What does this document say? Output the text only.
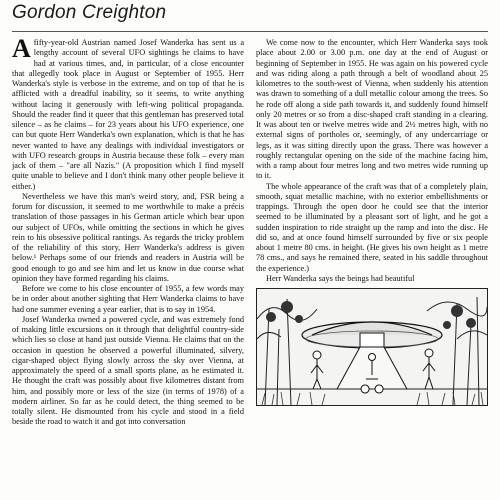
Gordon Creighton

Afifty-year-old Austrian named Josef Wanderka has sent us a lengthy account of several UFO sightings he claims to have had at various times, and, in particular, of a close encounter that allegedly took place in August or September of 1955. Herr Wanderka's style is verbose in the extreme, and on top of that he is afflicted with a dreadful inability, so it seems, to write anything without lacing it generously with left-wing political propaganda. Should the reader find it queer that this gentleman has preserved total silence – as he claims – for 23 years about his UFO experience, one can but quote Herr Wanderka's own explanation, which is that he has never wanted to have any dealings with individual investigators or with UFO research groups in Austria because these folk – every man jack of them – "are all Nazis." (A proposition which I find myself quite unable to believe and I don't think many other people believe it either.)

Nevertheless we have this man's weird story, and, FSR being a forum for discussion, it seemed to me worthwhile to make a précis translation of those passages in his German article which bear upon our subject of UFOs, while omitting the sections in which he gives rein to his obsessive political rantings. As regards the tricky problem of the reliability of this story, Herr Wanderka's address is given below.¹ Perhaps some of our friends and readers in Austria will be good enough to go and see him and let us know in due course what opinion they have formed regarding his claims.

Before we come to his close encounter of 1955, a few words may be in order about another sighting that Herr Wanderka claims to have had one summer evening a year earlier, that is to say in 1954.

Josef Wanderka owned a powered cycle, and was extremely fond of making little excursions on it through that delightful country-side which lies so close at hand just outside Vienna. He claims that on the occasion in question he observed a powerful illuminated, silvery, cigar-shaped object flying slowly across the sky over Vienna, at approximately the speed of a small sports plane, as he estimated it. He thought the craft was possibly about five kilometres distant from him, and possibly more or less of the size (in terms of 1978) of a modern airliner. So far as he could detect, the thing seemed to be totally silent. He dismounted from his cycle and stood in a field beside the road to watch it and got into conversation

We come now to the encounter, which Herr Wanderka says took place about 2.00 or 3.00 p.m. one day at the end of August or beginning of September in 1955. He was again on his powered cycle and was riding along a path through a belt of woodland about 25 kilometres to the south-west of Vienna, when suddenly his attention was drawn to something of a dull metallic colour among the trees. So he rode off along a side path towards it, and suddenly found himself only 20 metres or so from a disc-shaped craft standing in a clearing. It was about ten or twelve metres wide and 2½ metres high, with no external signs of portholes or, seemingly, of any undercarriage or legs, as it was sitting directly upon the grass. There was however a roughly rectangular opening on the side of the machine facing him, with a ramp about four metres long and two metres wide running up to it.

The whole appearance of the craft was that of a completely plain, smooth, squat metallic machine, with no exterior embellishments or trappings. Through the open door he could see that the interior seemed to be illuminated by a pleasant sort of light, and he got a sudden inspiration to ride straight up the ramp and into the disc. He did so, and at once found himself surrounded by five or six people about 1 metre 80 cms. in height. (He gives his own height as 1 metre 78 cms., and says he remained there, seated in his saddle throughout the experience.)

Herr Wanderka says the beings had beautiful
